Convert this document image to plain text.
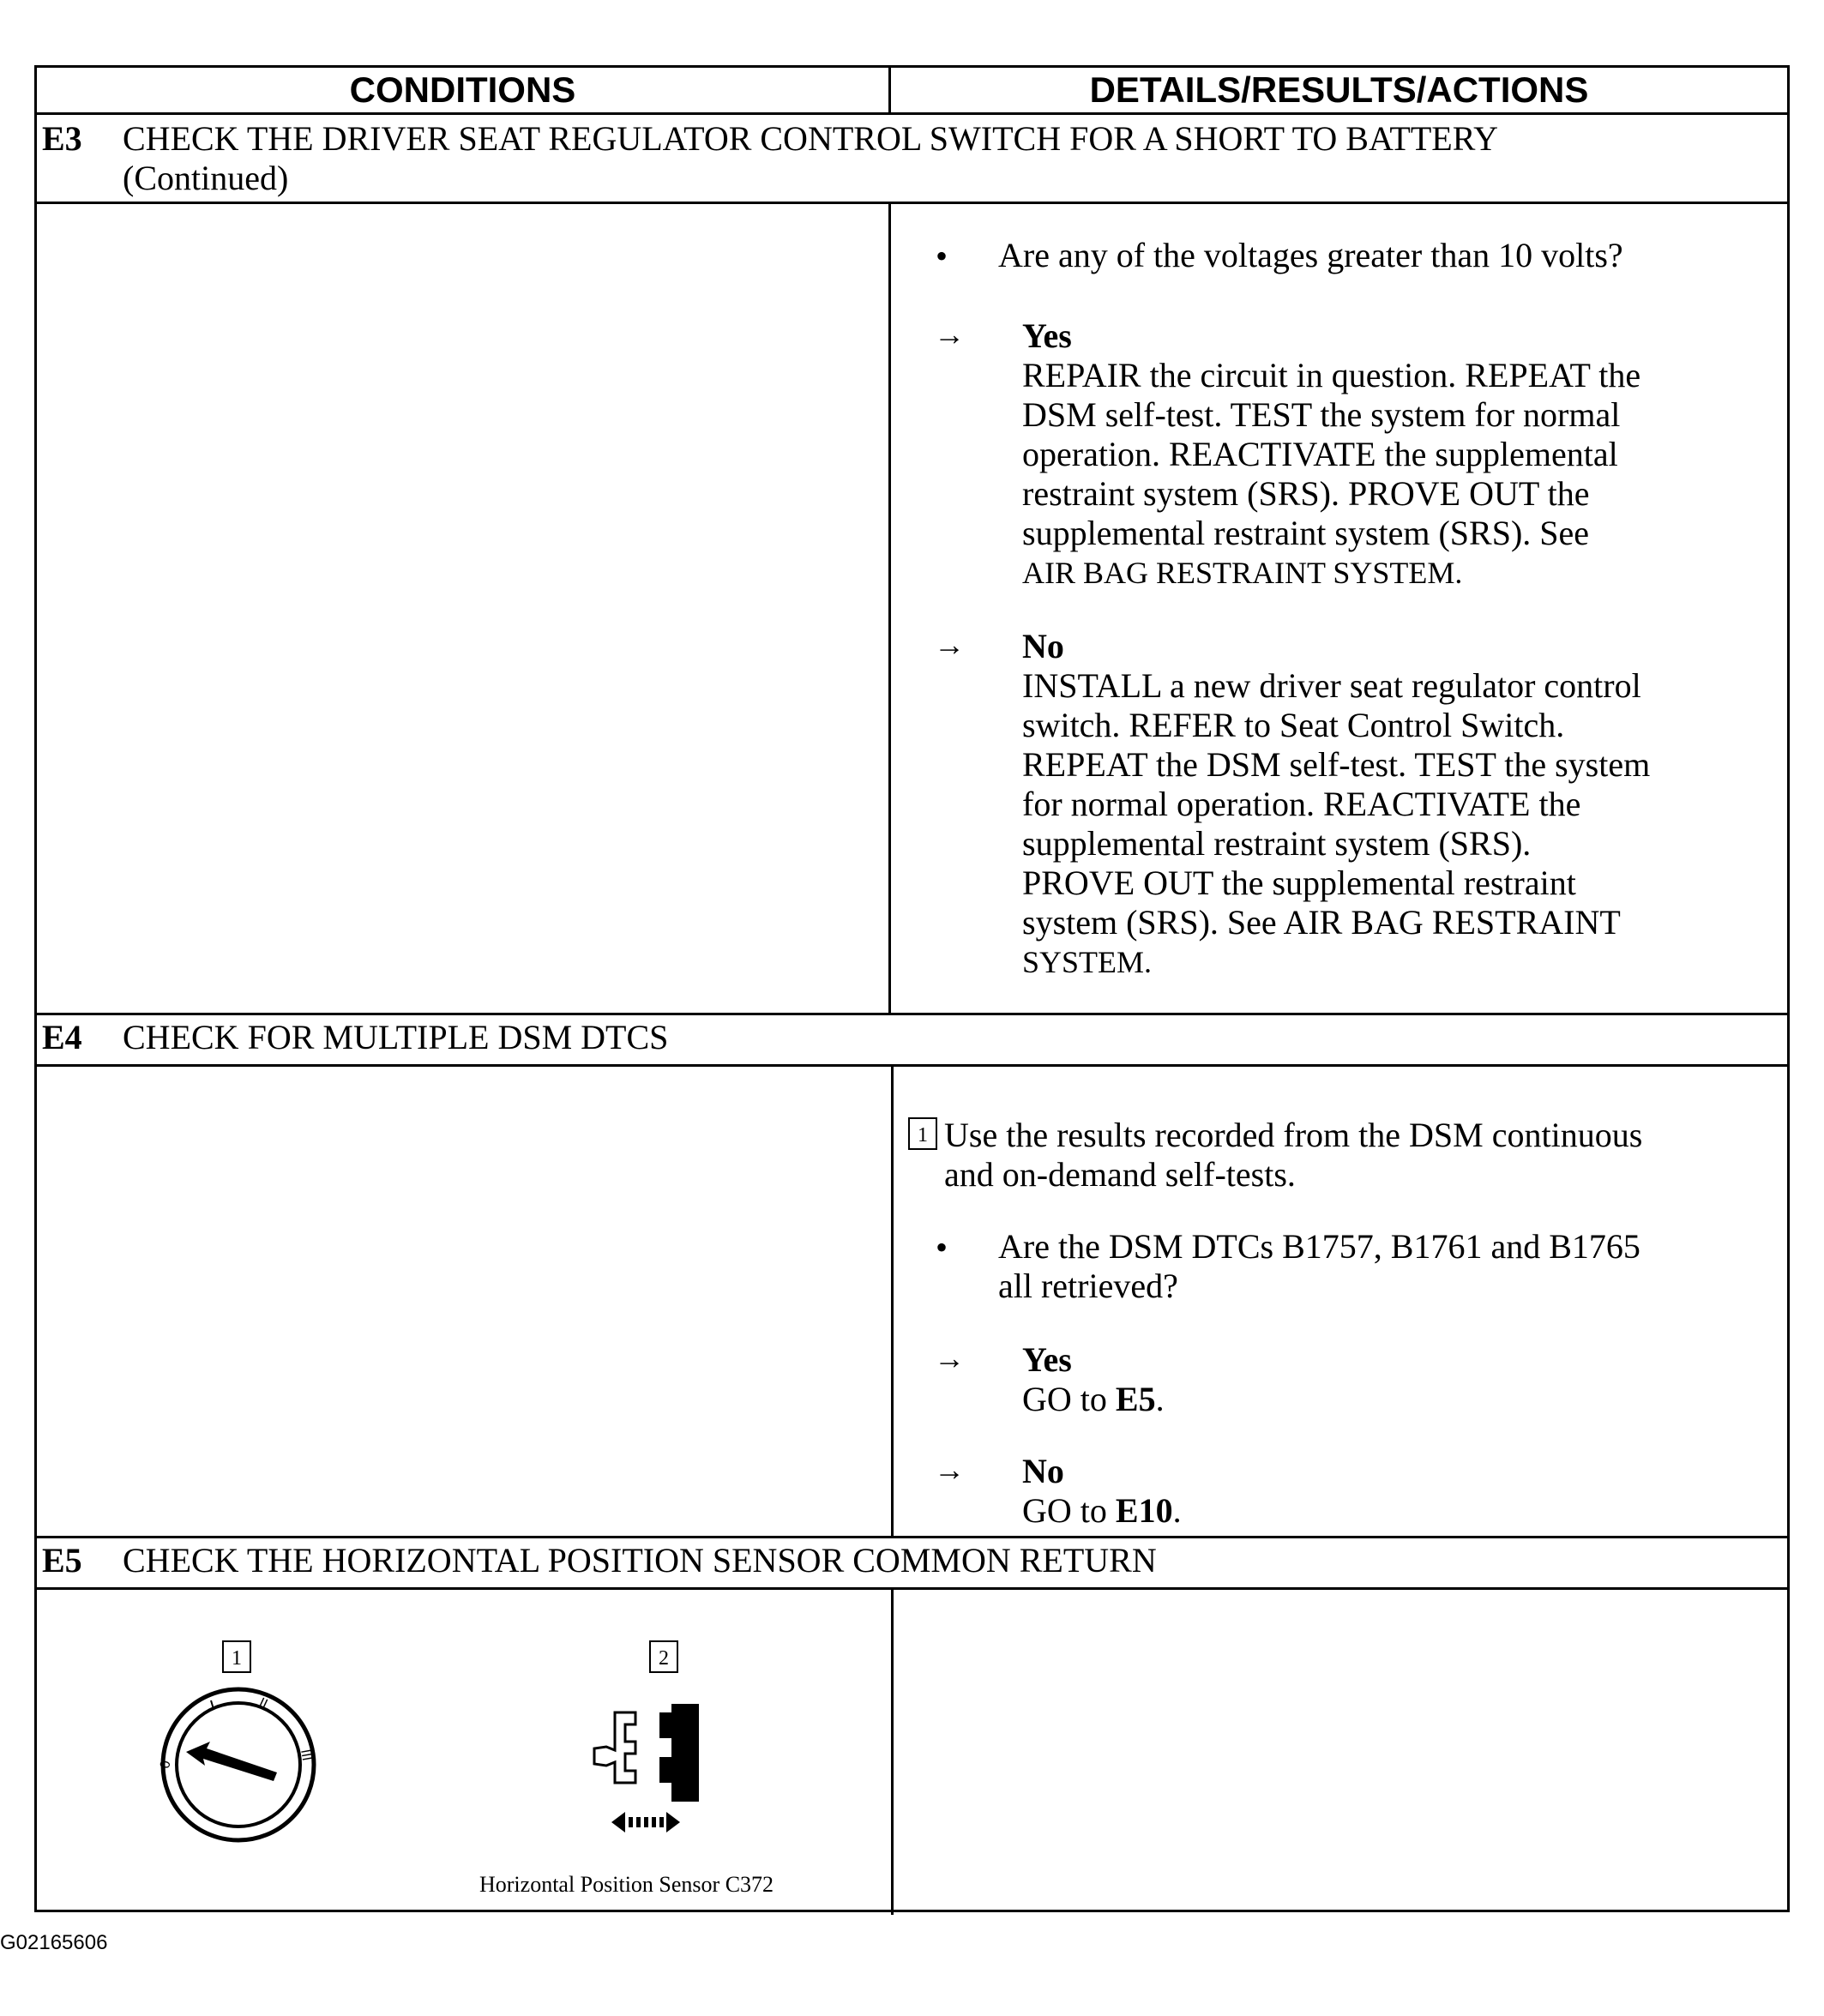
CONDITIONS	DETAILS/RESULTS/ACTIONS
E3 CHECK THE DRIVER SEAT REGULATOR CONTROL SWITCH FOR A SHORT TO BATTERY
(Continued)
• Are any of the voltages greater than 10 volts?
→ Yes
REPAIR the circuit in question. REPEAT the
DSM self-test. TEST the system for normal
operation. REACTIVATE the supplemental
restraint system (SRS). PROVE OUT the
supplemental restraint system (SRS). See
AIR BAG RESTRAINT SYSTEM.
→ No
INSTALL a new driver seat regulator control
switch. REFER to Seat Control Switch.
REPEAT the DSM self-test. TEST the system
for normal operation. REACTIVATE the
supplemental restraint system (SRS).
PROVE OUT the supplemental restraint
system (SRS). See AIR BAG RESTRAINT
SYSTEM.
E4 CHECK FOR MULTIPLE DSM DTCS
1 Use the results recorded from the DSM continuous
and on-demand self-tests.
• Are the DSM DTCs B1757, B1761 and B1765
all retrieved?
→ Yes
GO to E5.
→ No
GO to E10.
E5 CHECK THE HORIZONTAL POSITION SENSOR COMMON RETURN
1
0
II
III
2
Horizontal Position Sensor C372
G02165606
